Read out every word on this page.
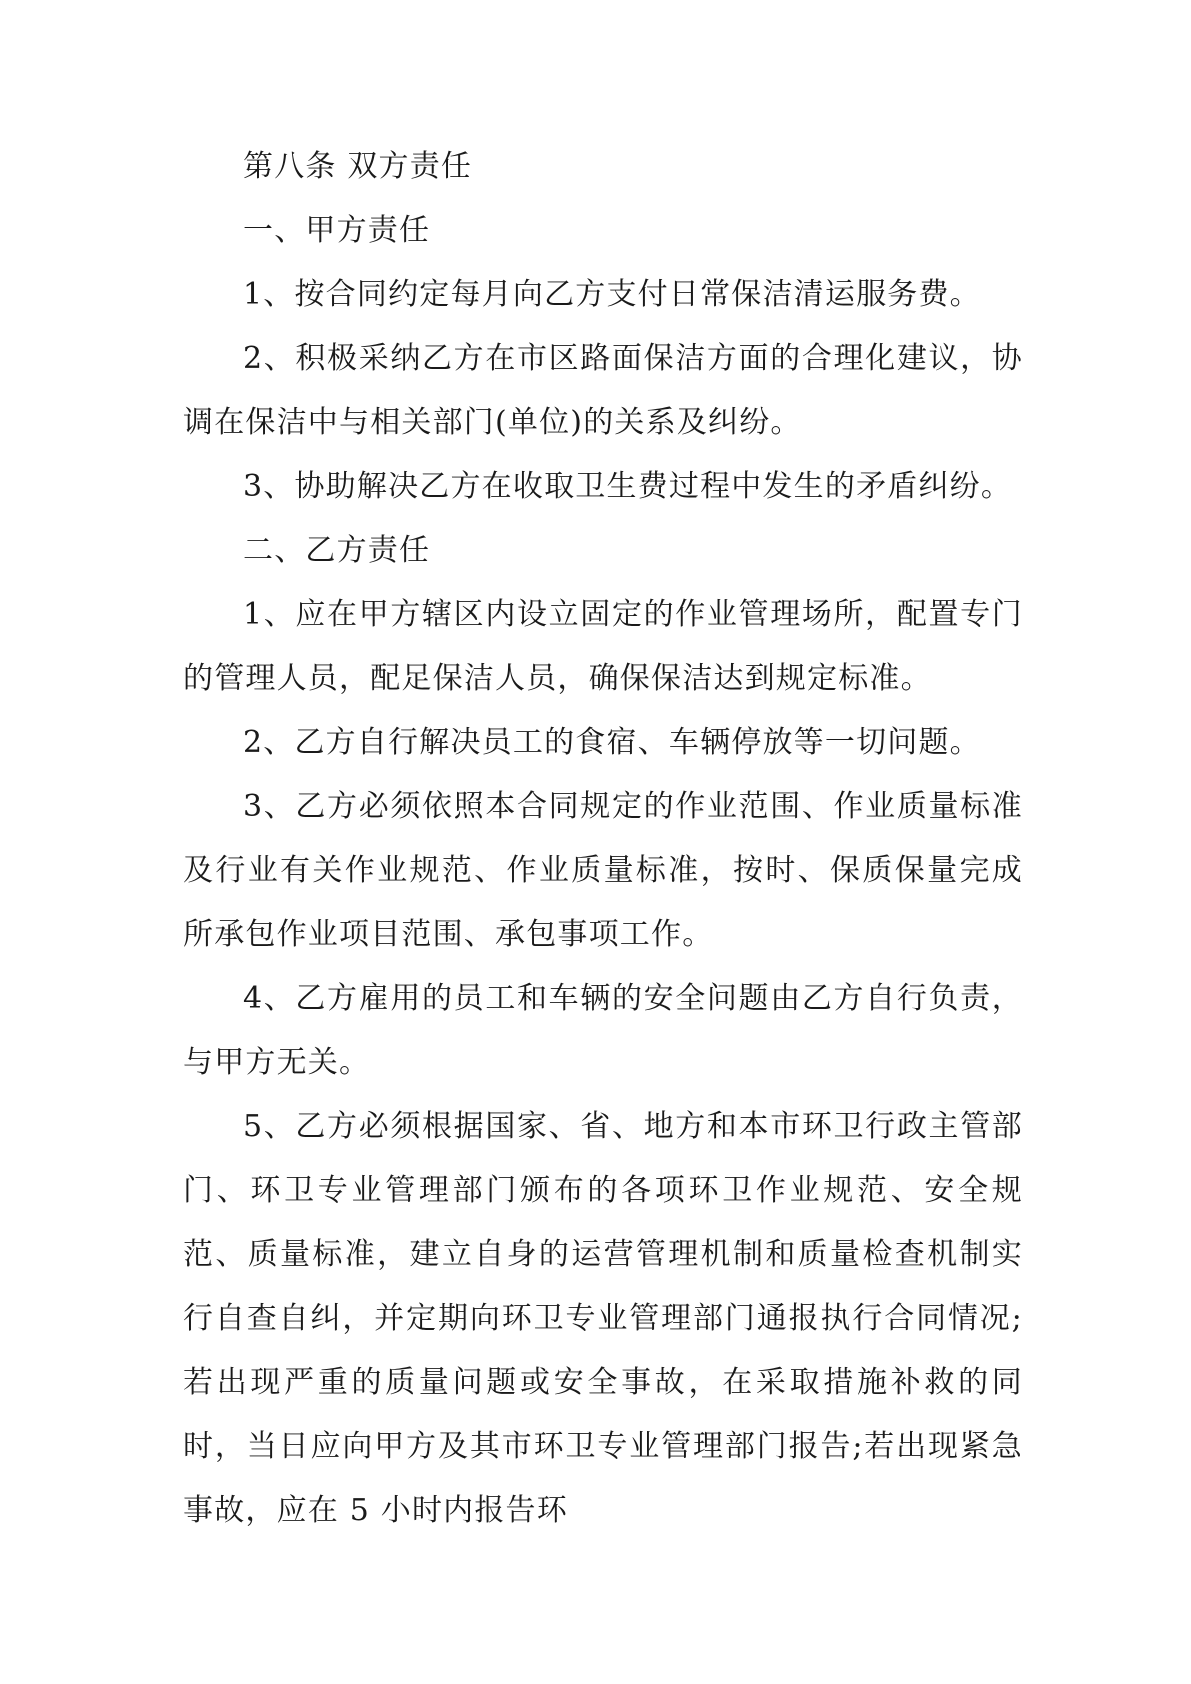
第八条 双方责任

一、甲方责任

1、按合同约定每月向乙方支付日常保洁清运服务费。

2、积极采纳乙方在市区路面保洁方面的合理化建议，协调在保洁中与相关部门(单位)的关系及纠纷。

3、协助解决乙方在收取卫生费过程中发生的矛盾纠纷。

二、乙方责任

1、应在甲方辖区内设立固定的作业管理场所，配置专门的管理人员，配足保洁人员，确保保洁达到规定标准。

2、乙方自行解决员工的食宿、车辆停放等一切问题。

3、乙方必须依照本合同规定的作业范围、作业质量标准及行业有关作业规范、作业质量标准，按时、保质保量完成所承包作业项目范围、承包事项工作。

4、乙方雇用的员工和车辆的安全问题由乙方自行负责，与甲方无关。

5、乙方必须根据国家、省、地方和本市环卫行政主管部门、环卫专业管理部门颁布的各项环卫作业规范、安全规范、质量标准，建立自身的运营管理机制和质量检查机制实行自查自纠，并定期向环卫专业管理部门通报执行合同情况;若出现严重的质量问题或安全事故，在采取措施补救的同时，当日应向甲方及其市环卫专业管理部门报告;若出现紧急事故，应在 5 小时内报告环
